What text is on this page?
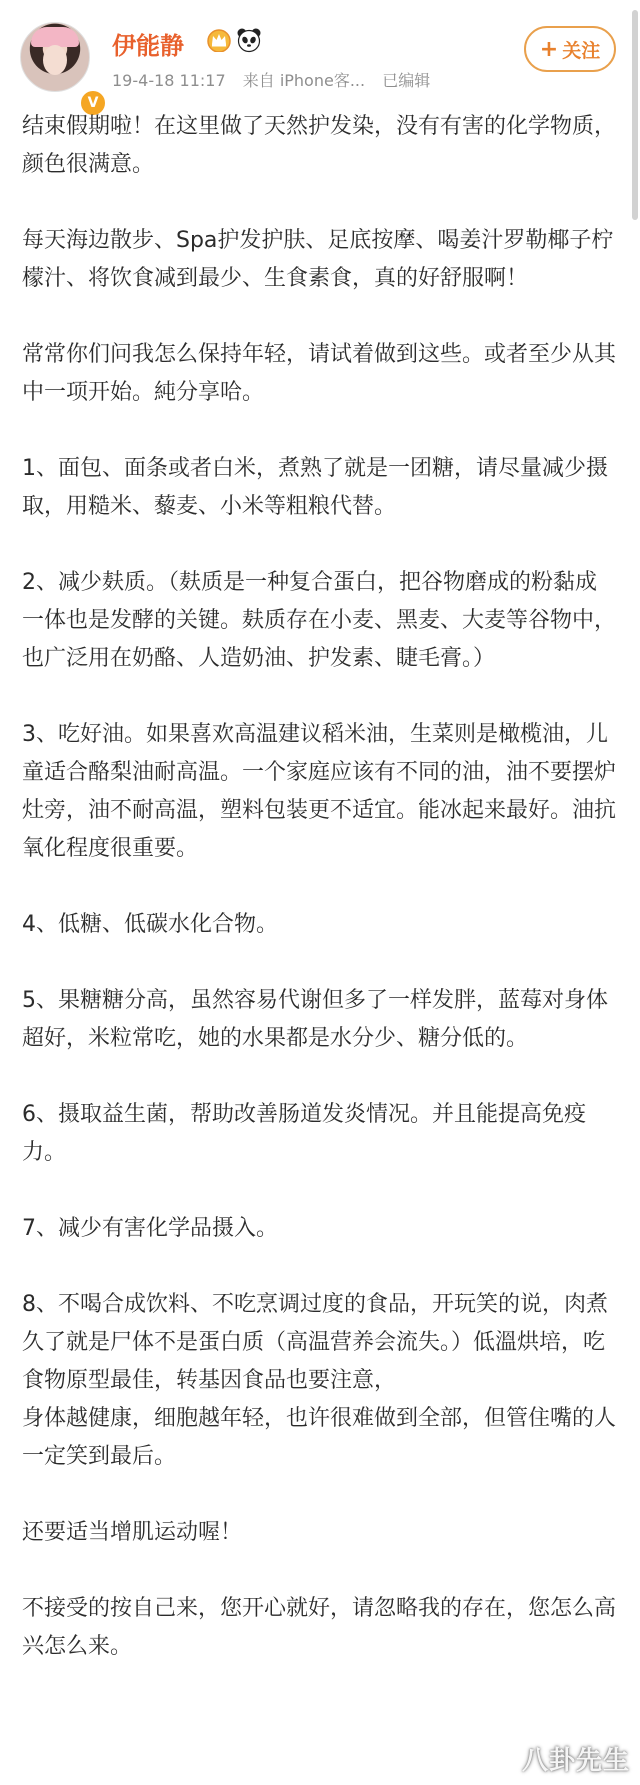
V
伊能静
19-4-18 11:17 来自 iPhone客... 已编辑
+ 关注

结束假期啦！在这里做了天然护发染，没有有害的化学物质，颜色很满意。

每天海边散步、Spa护发护肤、足底按摩、喝姜汁罗勒椰子柠檬汁、将饮食减到最少、生食素食，真的好舒服啊！

常常你们问我怎么保持年轻，请试着做到这些。或者至少从其中一项开始。純分享哈。

1、面包、面条或者白米，煮熟了就是一团糖，请尽量减少摄取，用糙米、藜麦、小米等粗粮代替。

2、减少麸质。（麸质是一种复合蛋白，把谷物磨成的粉黏成一体也是发酵的关键。麸质存在小麦、黑麦、大麦等谷物中，也广泛用在奶酪、人造奶油、护发素、睫毛膏。）

3、吃好油。如果喜欢高温建议稻米油，生菜则是橄榄油，儿童适合酪梨油耐高温。一个家庭应该有不同的油，油不要摆炉灶旁，油不耐高温，塑料包装更不适宜。能冰起来最好。油抗氧化程度很重要。

4、低糖、低碳水化合物。

5、果糖糖分高，虽然容易代谢但多了一样发胖，蓝莓对身体超好，米粒常吃，她的水果都是水分少、糖分低的。

6、摄取益生菌，帮助改善肠道发炎情况。并且能提高免疫力。

7、减少有害化学品摄入。

8、不喝合成饮料、不吃烹调过度的食品，开玩笑的说，肉煮久了就是尸体不是蛋白质（高温营养会流失。）低溫烘培，吃食物原型最佳，转基因食品也要注意，
身体越健康，细胞越年轻，也许很难做到全部，但管住嘴的人一定笑到最后。

还要适当增肌运动喔！

不接受的按自己来，您开心就好，请忽略我的存在，您怎么高兴怎么来。

八卦先生
